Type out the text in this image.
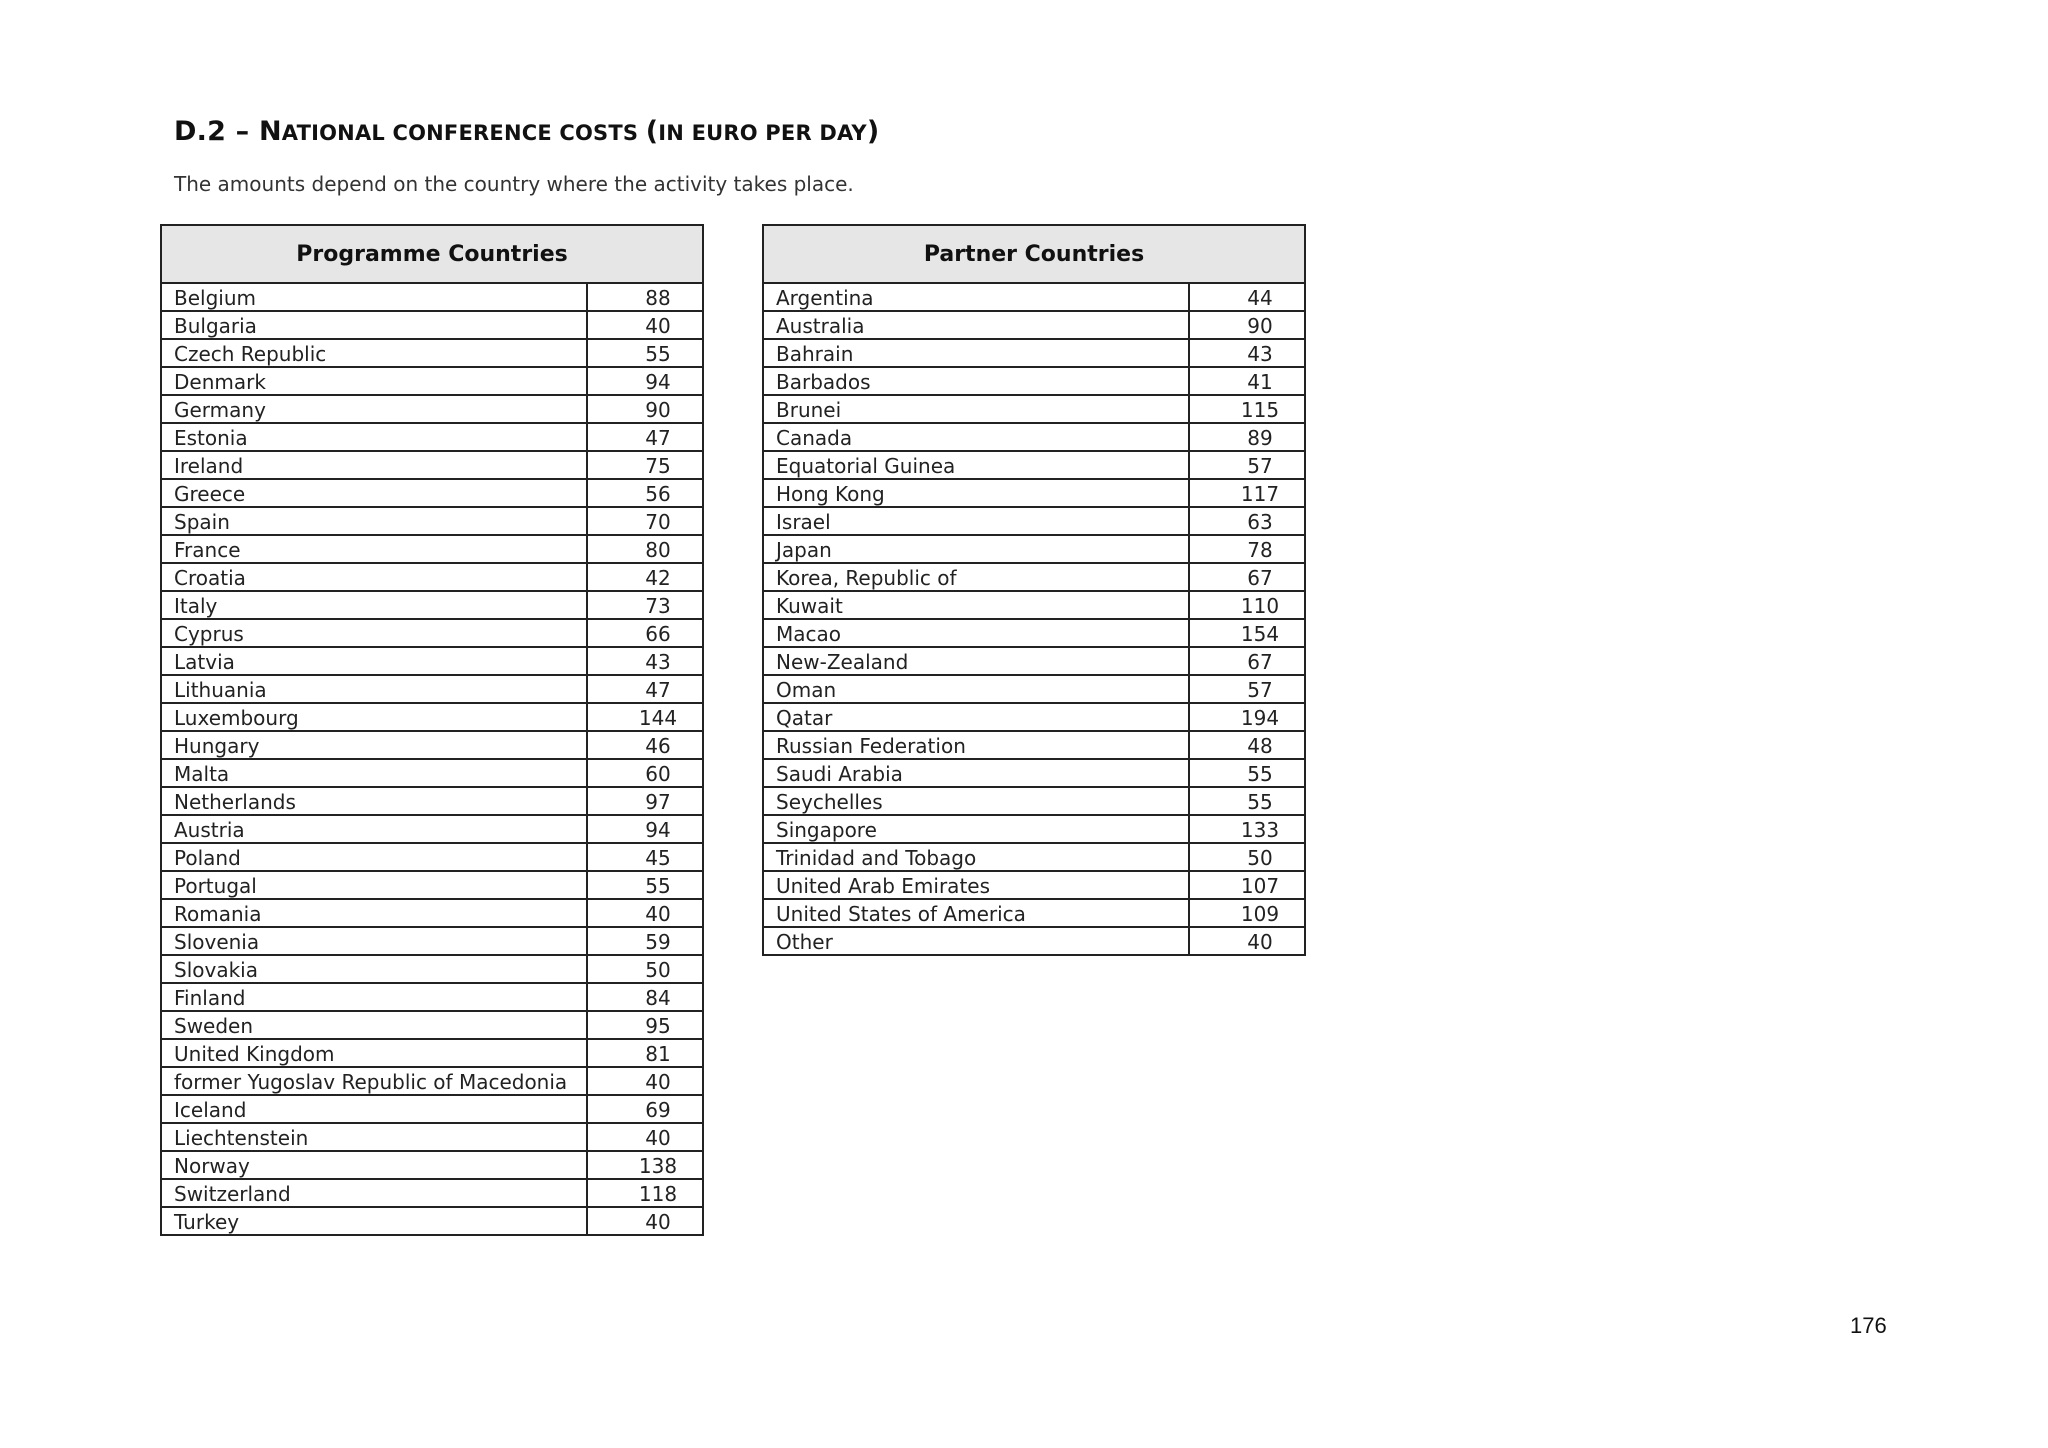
D.2 – NATIONAL CONFERENCE COSTS (IN EURO PER DAY)
The amounts depend on the country where the activity takes place.
Programme Countries	
Belgium	88
Bulgaria	40
Czech Republic	55
Denmark	94
Germany	90
Estonia	47
Ireland	75
Greece	56
Spain	70
France	80
Croatia	42
Italy	73
Cyprus	66
Latvia	43
Lithuania	47
Luxembourg	144
Hungary	46
Malta	60
Netherlands	97
Austria	94
Poland	45
Portugal	55
Romania	40
Slovenia	59
Slovakia	50
Finland	84
Sweden	95
United Kingdom	81
former Yugoslav Republic of Macedonia	40
Iceland	69
Liechtenstein	40
Norway	138
Switzerland	118
Turkey	40
Partner Countries	
Argentina	44
Australia	90
Bahrain	43
Barbados	41
Brunei	115
Canada	89
Equatorial Guinea	57
Hong Kong	117
Israel	63
Japan	78
Korea, Republic of	67
Kuwait	110
Macao	154
New-Zealand	67
Oman	57
Qatar	194
Russian Federation	48
Saudi Arabia	55
Seychelles	55
Singapore	133
Trinidad and Tobago	50
United Arab Emirates	107
United States of America	109
Other	40
176
